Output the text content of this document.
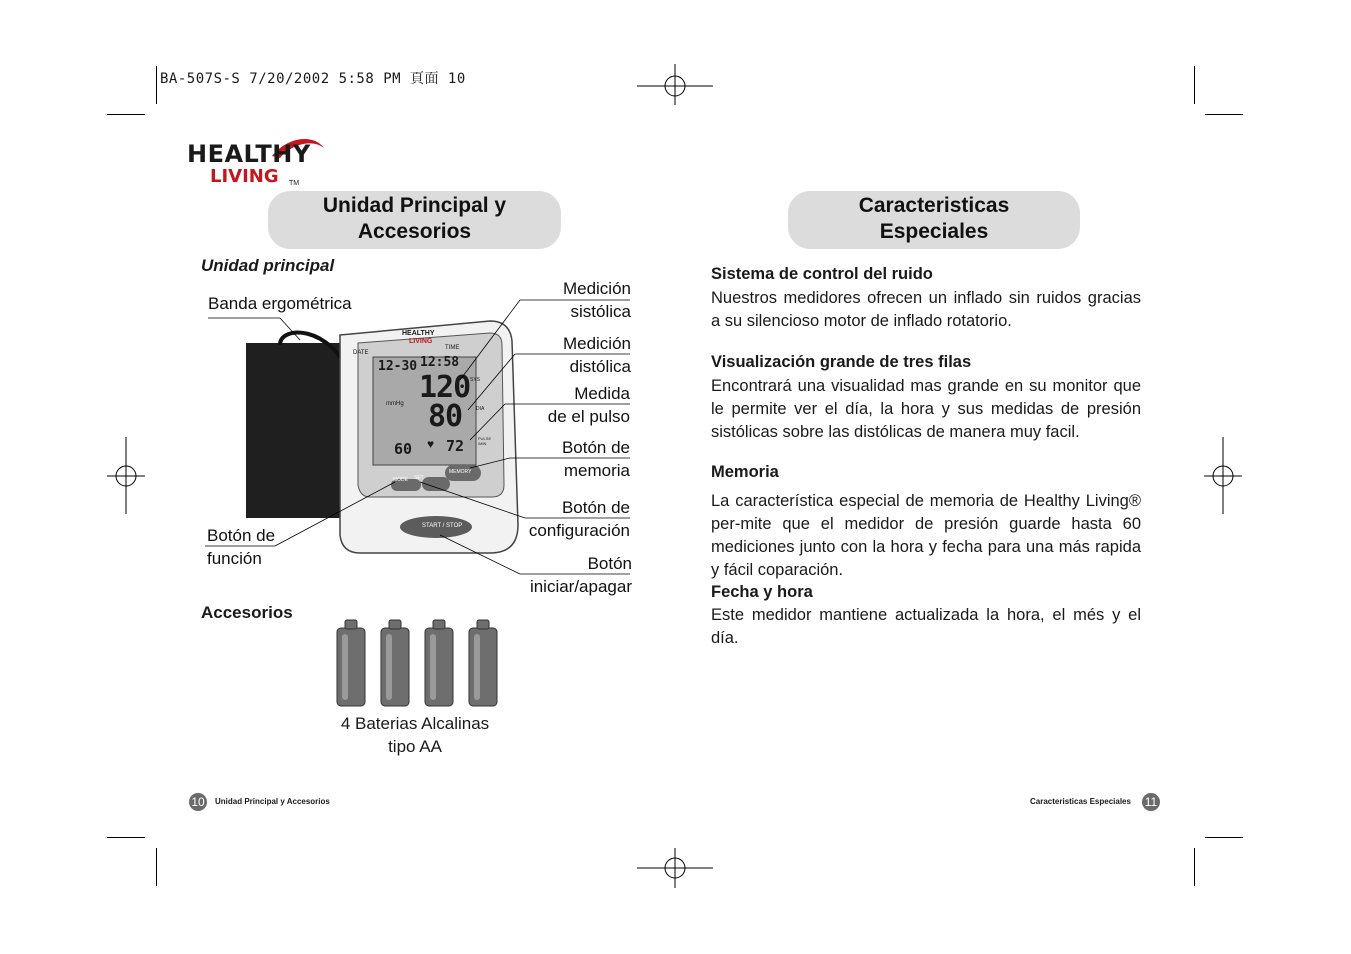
BA-507S-S 7/20/2002 5:58 PM 頁面 10
HEALTHY
LIVING TM
Unidad Principal y
Accesorios
Unidad principal
HEALTHY
LIVING
DATE
TIME
12-30 12:58
120 SYS
mmHg 80	DIA
60 ♥ 72	PULSE /MIN
MODE SET
MEMORY
START / STOP
Banda ergométrica
Medición
sistólica
Medición
distólica
Medida
de el pulso
Botón de
memoria
Botón de
configuración
Botón de
función	Botón
iniciar/apagar
Accesorios
4 Baterias Alcalinas
tipo AA
10 Unidad Principal y Accesorios
Caracteristicas
Especiales
Sistema de control del ruido
Nuestros medidores ofrecen un inflado sin ruidos gracias a su silencioso motor de inflado rotatorio.
Visualización grande de tres filas
Encontrará una visualidad mas grande en su monitor que le permite ver el día, la hora y sus medidas de presión sistólicas sobre las distólicas de manera muy facil.
Memoria
La característica especial de memoria de Healthy Living® per-mite que el medidor de presión guarde hasta 60 mediciones junto con la hora y fecha para una más rapida y fácil coparación.
Fecha y hora
Este medidor mantiene actualizada la hora, el més y el día.
Caracteristicas Especiales 11
